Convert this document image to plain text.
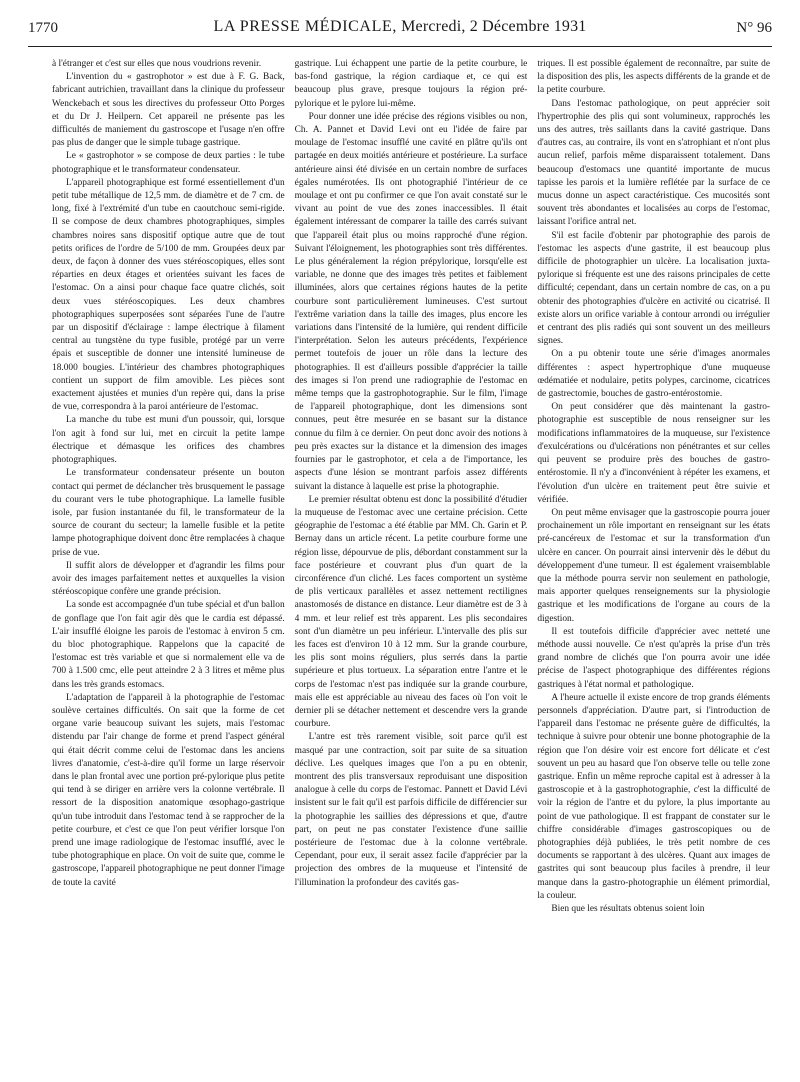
1770	LA PRESSE MÉDICALE, Mercredi, 2 Décembre 1931	N° 96

à l'étranger et c'est sur elles que nous voudrions revenir.

L'invention du « gastrophotor » est due à F. G. Back, fabricant autrichien, travaillant dans la clinique du professeur Wenckebach et sous les directives du professeur Otto Porges et du Dr J. Heilpern. Cet appareil ne présente pas les difficultés de maniement du gastroscope et l'usage n'en offre pas plus de danger que le simple tubage gastrique.

Le « gastrophotor » se compose de deux parties : le tube photographique et le transformateur condensateur.

L'appareil photographique est formé essentiellement d'un petit tube métallique de 12,5 mm. de diamètre et de 7 cm. de long, fixé à l'extrémité d'un tube en caoutchouc semi-rigide. Il se compose de deux chambres photographiques, simples chambres noires sans dispositif optique autre que de tout petits orifices de l'ordre de 5/100 de mm. Groupées deux par deux, de façon à donner des vues stéréoscopiques, elles sont réparties en deux étages et orientées suivant les faces de l'estomac. On a ainsi pour chaque face quatre clichés, soit deux vues stéréoscopiques. Les deux chambres photographiques superposées sont séparées l'une de l'autre par un dispositif d'éclairage : lampe électrique à filament central au tungstène du type fusible, protégé par un verre épais et susceptible de donner une intensité lumineuse de 18.000 bougies. L'intérieur des chambres photographiques contient un support de film amovible. Les pièces sont exactement ajustées et munies d'un repère qui, dans la prise de vue, correspondra à la paroi antérieure de l'estomac.

La manche du tube est muni d'un poussoir, qui, lorsque l'on agit à fond sur lui, met en circuit la petite lampe électrique et démasque les orifices des chambres photographiques.

Le transformateur condensateur présente un bouton contact qui permet de déclancher très brusquement le passage du courant vers le tube photographique. La lamelle fusible isole, par fusion instantanée du fil, le transformateur de la source de courant du secteur; la lamelle fusible et la petite lampe photographique doivent donc être remplacées à chaque prise de vue.

Il suffit alors de développer et d'agrandir les films pour avoir des images parfaitement nettes et auxquelles la vision stéréoscopique confère une grande précision.

La sonde est accompagnée d'un tube spécial et d'un ballon de gonflage que l'on fait agir dès que le cardia est dépassé. L'air insufflé éloigne les parois de l'estomac à environ 5 cm. du bloc photographique. Rappelons que la capacité de l'estomac est très variable et que si normalement elle va de 700 à 1.500 cmc, elle peut atteindre 2 à 3 litres et même plus dans les très grands estomacs.

L'adaptation de l'appareil à la photographie de l'estomac soulève certaines difficultés. On sait que la forme de cet organe varie beaucoup suivant les sujets, mais l'estomac distendu par l'air change de forme et prend l'aspect général qui était décrit comme celui de l'estomac dans les anciens livres d'anatomie, c'est-à-dire qu'il forme un large réservoir dans le plan frontal avec une portion pré-pylorique plus petite qui tend à se diriger en arrière vers la colonne vertébrale. Il ressort de la disposition anatomique œsophago-gastrique qu'un tube introduit dans l'estomac tend à se rapprocher de la petite courbure, et c'est ce que l'on peut vérifier lorsque l'on prend une image radiologique de l'estomac insufflé, avec le tube photographique en place. On voit de suite que, comme le gastroscope, l'appareil photographique ne peut donner l'image de toute la cavité

gastrique. Lui échappent une partie de la petite courbure, le bas-fond gastrique, la région cardiaque et, ce qui est beaucoup plus grave, presque toujours la région pré-pylorique et le pylore lui-même.

Pour donner une idée précise des régions visibles ou non, Ch. A. Pannet et David Levi ont eu l'idée de faire par moulage de l'estomac insufflé une cavité en plâtre qu'ils ont partagée en deux moitiés antérieure et postérieure. La surface antérieure ainsi été divisée en un certain nombre de surfaces égales numérotées. Ils ont photographié l'intérieur de ce moulage et ont pu confirmer ce que l'on avait constaté sur le vivant au point de vue des zones inaccessibles. Il était également intéressant de comparer la taille des carrés suivant que l'appareil était plus ou moins rapproché d'une région. Suivant l'éloignement, les photographies sont très différentes. Le plus généralement la région prépylorique, lorsqu'elle est variable, ne donne que des images très petites et faiblement illuminées, alors que certaines régions hautes de la petite courbure sont particulièrement lumineuses. C'est surtout l'extrême variation dans la taille des images, plus encore les variations dans l'intensité de la lumière, qui rendent difficile l'interprétation. Selon les auteurs précédents, l'expérience permet toutefois de jouer un rôle dans la lecture des photographies. Il est d'ailleurs possible d'apprécier la taille des images si l'on prend une radiographie de l'estomac en même temps que la gastrophotographie. Sur le film, l'image de l'appareil photographique, dont les dimensions sont connues, peut être mesurée en se basant sur la distance connue du film à ce dernier. On peut donc avoir des notions à peu près exactes sur la distance et la dimension des images fournies par le gastrophotor, et cela a de l'importance, les aspects d'une lésion se montrant parfois assez différents suivant la distance à laquelle est prise la photographie.

Le premier résultat obtenu est donc la possibilité d'étudier la muqueuse de l'estomac avec une certaine précision. Cette géographie de l'estomac a été établie par MM. Ch. Garin et P. Bernay dans un article récent. La petite courbure forme une région lisse, dépourvue de plis, débordant constamment sur la face postérieure et couvrant plus d'un quart de la circonférence d'un cliché. Les faces comportent un système de plis verticaux parallèles et assez nettement rectilignes anastomosés de distance en distance. Leur diamètre est de 3 à 4 mm. et leur relief est très apparent. Les plis secondaires sont d'un diamètre un peu inférieur. L'intervalle des plis sur les faces est d'environ 10 à 12 mm. Sur la grande courbure, les plis sont moins réguliers, plus serrés dans la partie supérieure et plus tortueux. La séparation entre l'antre et le corps de l'estomac n'est pas indiquée sur la grande courbure, mais elle est appréciable au niveau des faces où l'on voit le dernier pli se détacher nettement et descendre vers la grande courbure.

L'antre est très rarement visible, soit parce qu'il est masqué par une contraction, soit par suite de sa situation déclive. Les quelques images que l'on a pu en obtenir, montrent des plis transversaux reproduisant une disposition analogue à celle du corps de l'estomac. Pannett et David Lévi insistent sur le fait qu'il est parfois difficile de différencier sur la photographie les saillies des dépressions et que, d'autre part, on peut ne pas constater l'existence d'une saillie postérieure de l'estomac due à la colonne vertébrale. Cependant, pour eux, il serait assez facile d'apprécier par la projection des ombres de la muqueuse et l'intensité de l'illumination la profondeur des cavités gas-

triques. Il est possible également de reconnaître, par suite de la disposition des plis, les aspects différents de la grande et de la petite courbure.

Dans l'estomac pathologique, on peut apprécier soit l'hypertrophie des plis qui sont volumineux, rapprochés les uns des autres, très saillants dans la cavité gastrique. Dans d'autres cas, au contraire, ils vont en s'atrophiant et n'ont plus aucun relief, parfois même disparaissent totalement. Dans beaucoup d'estomacs une quantité importante de mucus tapisse les parois et la lumière reflétée par la surface de ce mucus donne un aspect caractéristique. Ces mucosités sont souvent très abondantes et localisées au corps de l'estomac, laissant l'orifice antral net.

S'il est facile d'obtenir par photographie des parois de l'estomac les aspects d'une gastrite, il est beaucoup plus difficile de photographier un ulcère. La localisation juxta-pylorique si fréquente est une des raisons principales de cette difficulté; cependant, dans un certain nombre de cas, on a pu obtenir des photographies d'ulcère en activité ou cicatrisé. Il existe alors un orifice variable à contour arrondi ou irrégulier et centrant des plis radiés qui sont souvent un des meilleurs signes.

On a pu obtenir toute une série d'images anormales différentes : aspect hypertrophique d'une muqueuse œdématiée et nodulaire, petits polypes, carcinome, cicatrices de gastrectomie, bouches de gastro-entérostomie.

On peut considérer que dès maintenant la gastro-photographie est susceptible de nous renseigner sur les modifications inflammatoires de la muqueuse, sur l'existence d'exulcérations ou d'ulcérations non pénétrantes et sur celles qui peuvent se produire près des bouches de gastro-entérostomie. Il n'y a d'inconvénient à répéter les examens, et l'évolution d'un ulcère en traitement peut être suivie et vérifiée.

On peut même envisager que la gastroscopie pourra jouer prochainement un rôle important en renseignant sur les états pré-cancéreux de l'estomac et sur la transformation d'un ulcère en cancer. On pourrait ainsi intervenir dès le début du développement d'une tumeur. Il est également vraisemblable que la méthode pourra servir non seulement en pathologie, mais apporter quelques renseignements sur la physiologie gastrique et les modifications de l'organe au cours de la digestion.

Il est toutefois difficile d'apprécier avec netteté une méthode aussi nouvelle. Ce n'est qu'après la prise d'un très grand nombre de clichés que l'on pourra avoir une idée précise de l'aspect photographique des différentes régions gastriques à l'état normal et pathologique.

A l'heure actuelle il existe encore de trop grands éléments personnels d'appréciation. D'autre part, si l'introduction de l'appareil dans l'estomac ne présente guère de difficultés, la technique à suivre pour obtenir une bonne photographie de la région que l'on désire voir est encore fort délicate et c'est souvent un peu au hasard que l'on observe telle ou telle zone gastrique. Enfin un même reproche capital est à adresser à la gastroscopie et à la gastrophotographie, c'est la difficulté de voir la région de l'antre et du pylore, la plus importante au point de vue pathologique. Il est frappant de constater sur le chiffre considérable d'images gastroscopiques ou de photographies déjà publiées, le très petit nombre de ces documents se rapportant à des ulcères. Quant aux images de gastrites qui sont beaucoup plus faciles à prendre, il leur manque dans la gastro-photographie un élément primordial, la couleur.

Bien que les résultats obtenus soient loin
